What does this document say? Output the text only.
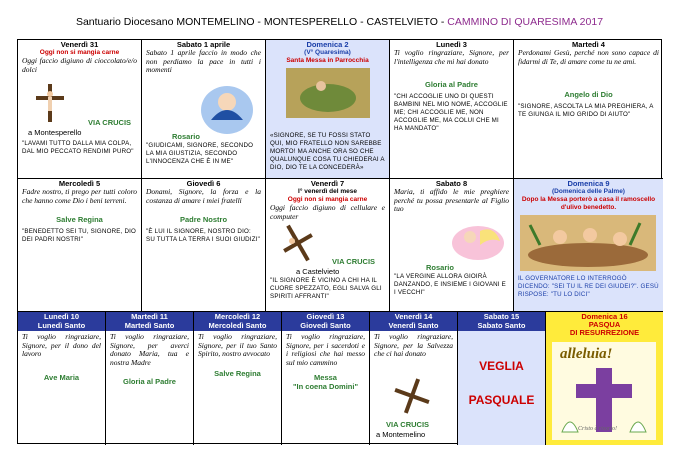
Santuario Diocesano MONTEMELINO - MONTESPERELLO - CASTELVIETO - CAMMINO DI QUARESIMA 2017
Venerdì 31
Oggi non si mangia carne
Oggi faccio digiuno di cioccolato/e/o dolci
VIA CRUCIS
a Montesperello
"LAVAMI TUTTO DALLA MIA COLPA, DAL MIO PECCATO RENDIMI PURO"
Sabato 1 aprile
Sabato 1 aprile faccio in modo che non perdiamo la pace in tutti i momenti
Rosario
"GIUDICAMI, SIGNORE, SECONDO LA MIA GIUSTIZIA, SECONDO L'INNOCENZA CHE È IN ME"
Domenica 2
(V° Quaresima)
Santa Messa in Parrocchia
«SIGNORE, SE TU FOSSI STATO QUI, MIO FRATELLO NON SAREBBE MORTO! MA ANCHE ORA SO CHE QUALUNQUE COSA TU CHIEDERAI A DIO, DIO TE LA CONCEDERÀ»
Lunedì 3
Ti voglio ringraziare, Signore, per l'intelligenza che mi hai donato
Gloria al Padre
"CHI ACCOGLIE UNO DI QUESTI BAMBINI NEL MIO NOME, ACCOGLIE ME; CHI ACCOGLIE ME, NON ACCOGLIE ME, MA COLUI CHE MI HA MANDATO"
Martedì 4
Perdonami Gesù, perché non sono capace di fidarmi di Te, di amare come tu ne ami.
Angelo di Dio
"SIGNORE, ASCOLTA LA MIA PREGHIERA, A TE GIUNGA IL MIO GRIDO DI AIUTO"
Mercoledì 5
Fadre nostro, ti prego per tutti coloro che hanno come Dio i beni terreni.
Salve Regina
"BENEDETTO SEI TU, SIGNORE, DIO DEI PADRI NOSTRI"
Giovedì 6
Donami, Signore, la forza e la costanza di amare i miei fratelli
Padre Nostro
"È LUI IL SIGNORE, NOSTRO DIO: SU TUTTA LA TERRA I SUOI GIUDIZI"
Venerdì 7
I° venerdì del mese
Oggi non si mangia carne
Oggi faccio digiuno di cellulare e computer
VIA CRUCIS
a Castelvieto
"IL SIGNORE È VICINO A CHI HA IL CUORE SPEZZATO, EGLI SALVA GLI SPIRITI AFFRANTI"
Sabato 8
Maria, ti affido le mie preghiere perché tu possa presentarle al Figlio tuo
Rosario
"LA VERGINE ALLORA GIOIRÀ DANZANDO, E INSIEME I GIOVANI E I VECCHI"
Domenica 9
(Domenica delle Palme)
Dopo la Messa porterò a casa il ramoscello d'ulivo benedetto.
IL GOVERNATORE LO INTERROGÒ DICENDO: "SEI TU IL RE DEI GIUDEI?". GESÙ RISPOSE: "TU LO DICI"
Lunedì 10
Lunedì Santo
Ti voglio ringraziare, Signore, per il dono del lavoro
Ave Maria
Martedì 11
Martedì Santo
Ti voglio ringraziare, Signore, per averci donato Maria, tua e nostra Madre
Gloria al Padre
Mercoledì 12
Mercoledì Santo
Ti voglio ringraziare, Signore, per il tuo Santo Spirito, nostro avvocato
Salve Regina
Giovedì 13
Giovedì Santo
Ti voglio ringraziare, Signore, per i sacerdoti e i religiosi che hai messo sul mio cammino
Messa
"In coena Domini"
Venerdì 14
Venerdì Santo
Ti voglio ringraziare, Signore, per la Salvezza che ci hai donato
VIA CRUCIS
a Montemelino
Sabato 15
Sabato Santo
VEGLIA
PASQUALE
Domenica 16
PASQUA
DI RESURREZIONE
alleluia!
Cristo è risorto!
